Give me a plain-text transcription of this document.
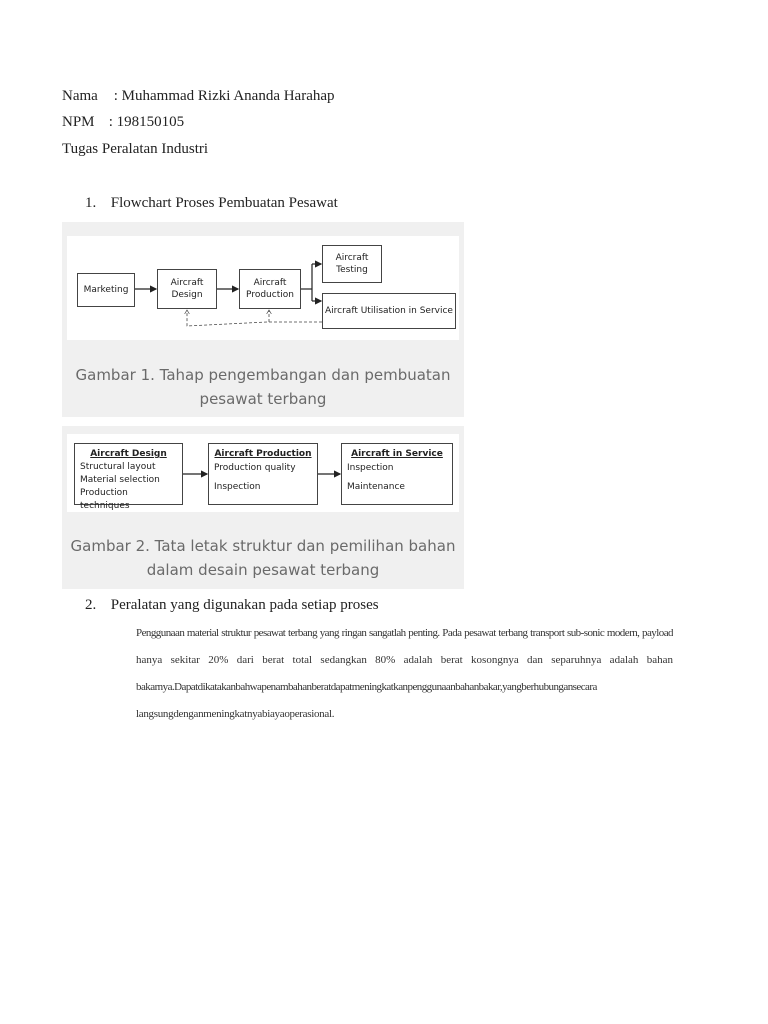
Nama : Muhammad Rizki Ananda Harahap
NPM : 198150105
Tugas Peralatan Industri
1. Flowchart Proses Pembuatan Pesawat
Marketing
Aircraft Design
Aircraft Production
Aircraft Testing
Aircraft Utilisation in Service
Gambar 1. Tahap pengembangan dan pembuatan
pesawat terbang
Aircraft Design
Structural layout
Material selection
Production techniques
Aircraft Production
Production quality
Inspection
Aircraft in Service
Inspection
Maintenance
Gambar 2. Tata letak struktur dan pemilihan bahan
dalam desain pesawat terbang
2. Peralatan yang digunakan pada setiap proses
Penggunaan material struktur pesawat terbang yang ringan sangatlah penting. Pada pesawat terbang transport sub-sonic modern, payload
hanya sekitar 20% dari berat total sedangkan 80% adalah berat kosongnya dan separuhnya adalah bahan
bakarnya.Dapatdikatakanbahwapenambahanberatdapatmeningkatkanpenggunaanbahanbakar,yangberhubungansecara
langsungdenganmeningkatnyabiayaoperasional.
